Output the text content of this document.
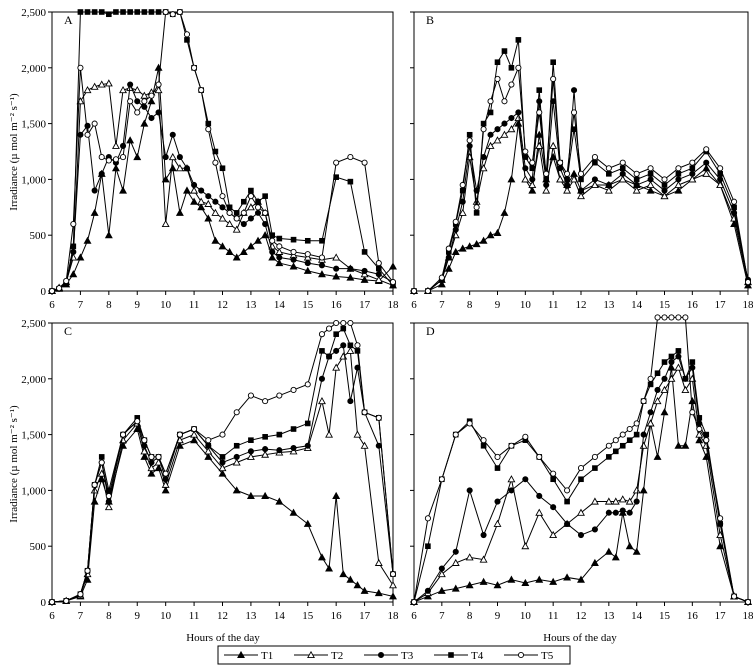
Irradiance (µ mol m⁻² s⁻¹)
Irradiance (µ mol m⁻² s⁻¹)
Hours of the day	Hours of the day
A
6 7 8 9 10 11 12 13 14 15 16 17 18
0
500
1,000
1,500
2,000
2,500	B
6 7 8 9 10 11 12 13 14 15 16 17 18
C
6 7 8 9 10 11 12 13 14 15 16 17 18
0
500
1,000
1,500
2,000
2,500	D
6 7 8 9 10 11 12 13 14 15 16 17 18
T1	T2	T3	T4	T5
